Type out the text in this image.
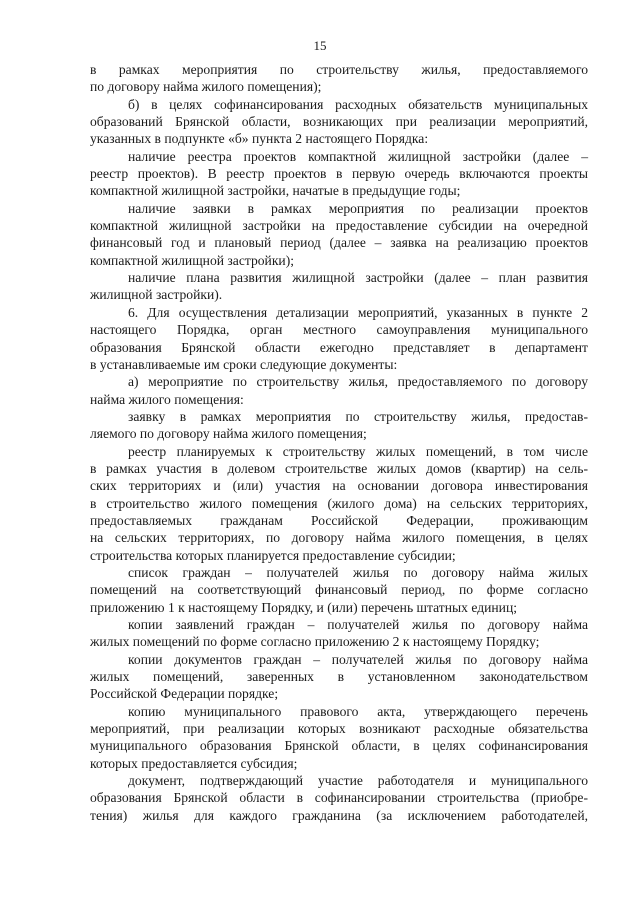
15
в рамках мероприятия по строительству жилья, предоставляемого
по договору найма жилого помещения);
б) в целях софинансирования расходных обязательств муниципальных
образований Брянской области, возникающих при реализации мероприятий,
указанных в подпункте «б» пункта 2 настоящего Порядка:
наличие реестра проектов компактной жилищной застройки (далее –
реестр проектов). В реестр проектов в первую очередь включаются проекты
компактной жилищной застройки, начатые в предыдущие годы;
наличие заявки в рамках мероприятия по реализации проектов
компактной жилищной застройки на предоставление субсидии на очередной
финансовый год и плановый период (далее – заявка на реализацию проектов
компактной жилищной застройки);
наличие плана развития жилищной застройки (далее – план развития
жилищной застройки).
6. Для осуществления детализации мероприятий, указанных в пункте 2
настоящего Порядка, орган местного самоуправления муниципального
образования Брянской области ежегодно представляет в департамент
в устанавливаемые им сроки следующие документы:
а) мероприятие по строительству жилья, предоставляемого по договору
найма жилого помещения:
заявку в рамках мероприятия по строительству жилья, предостав-
ляемого по договору найма жилого помещения;
реестр планируемых к строительству жилых помещений, в том числе
в рамках участия в долевом строительстве жилых домов (квартир) на сель-
ских территориях и (или) участия на основании договора инвестирования
в строительство жилого помещения (жилого дома) на сельских территориях,
предоставляемых гражданам Российской Федерации, проживающим
на сельских территориях, по договору найма жилого помещения, в целях
строительства которых планируется предоставление субсидии;
список граждан – получателей жилья по договору найма жилых
помещений на соответствующий финансовый период, по форме согласно
приложению 1 к настоящему Порядку, и (или) перечень штатных единиц;
копии заявлений граждан – получателей жилья по договору найма
жилых помещений по форме согласно приложению 2 к настоящему Порядку;
копии документов граждан – получателей жилья по договору найма
жилых помещений, заверенных в установленном законодательством
Российской Федерации порядке;
копию муниципального правового акта, утверждающего перечень
мероприятий, при реализации которых возникают расходные обязательства
муниципального образования Брянской области, в целях софинансирования
которых предоставляется субсидия;
документ, подтверждающий участие работодателя и муниципального
образования Брянской области в софинансировании строительства (приобре-
тения) жилья для каждого гражданина (за исключением работодателей,
